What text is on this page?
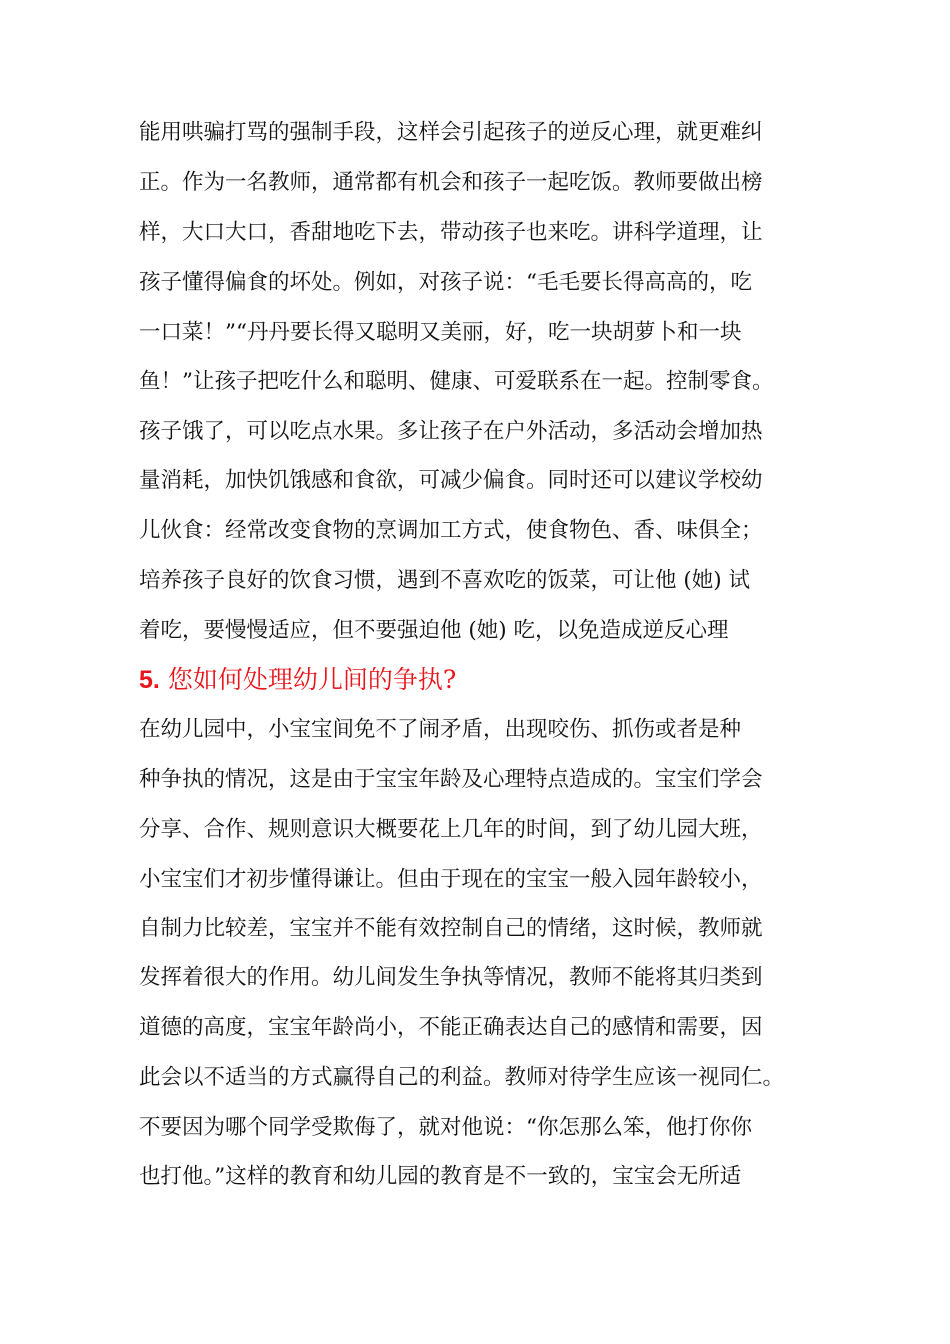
能用哄骗打骂的强制手段，这样会引起孩子的逆反心理，就更难纠
正。作为一名教师，通常都有机会和孩子一起吃饭。教师要做出榜
样，大口大口，香甜地吃下去，带动孩子也来吃。讲科学道理，让
孩子懂得偏食的坏处。例如，对孩子说：“毛毛要长得高高的，吃
一口菜！”“丹丹要长得又聪明又美丽，好，吃一块胡萝卜和一块
鱼！”让孩子把吃什么和聪明、健康、可爱联系在一起。控制零食。
孩子饿了，可以吃点水果。多让孩子在户外活动，多活动会增加热
量消耗，加快饥饿感和食欲，可减少偏食。同时还可以建议学校幼
儿伙食：经常改变食物的烹调加工方式，使食物色、香、味俱全；
培养孩子良好的饮食习惯，遇到不喜欢吃的饭菜，可让他 (她) 试
着吃，要慢慢适应，但不要强迫他 (她) 吃，以免造成逆反心理
5. 您如何处理幼儿间的争执?
在幼儿园中，小宝宝间免不了闹矛盾，出现咬伤、抓伤或者是种
种争执的情况，这是由于宝宝年龄及心理特点造成的。宝宝们学会
分享、合作、规则意识大概要花上几年的时间，到了幼儿园大班，
小宝宝们才初步懂得谦让。但由于现在的宝宝一般入园年龄较小，
自制力比较差，宝宝并不能有效控制自己的情绪，这时候，教师就
发挥着很大的作用。幼儿间发生争执等情况，教师不能将其归类到
道德的高度，宝宝年龄尚小，不能正确表达自己的感情和需要，因
此会以不适当的方式赢得自己的利益。教师对待学生应该一视同仁。
不要因为哪个同学受欺侮了，就对他说：“你怎那么笨，他打你你
也打他。”这样的教育和幼儿园的教育是不一致的，宝宝会无所适
